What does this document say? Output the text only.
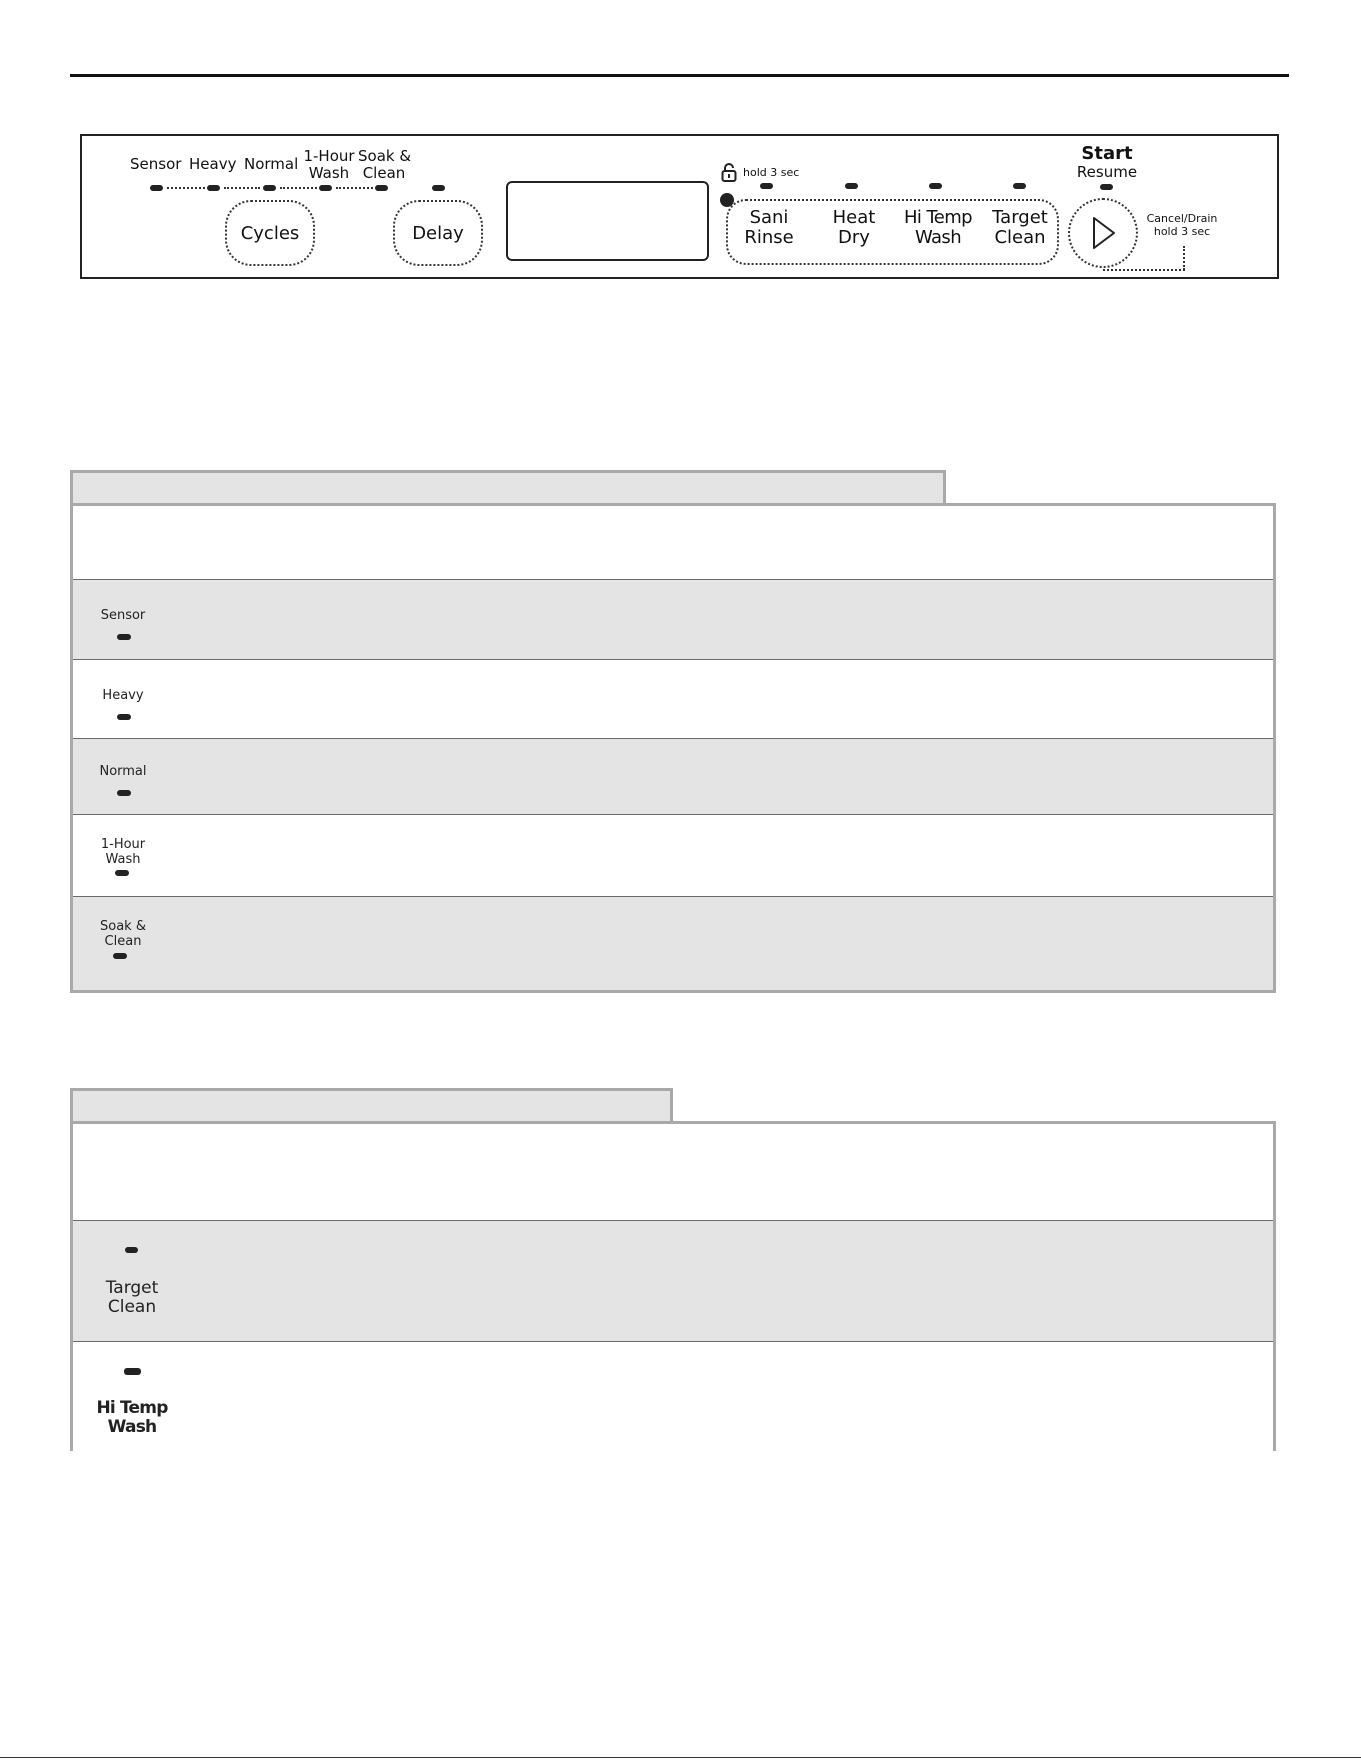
Sensor Heavy Normal 1-Hour
Wash
Soak &
Clean
Cycles	Delay
hold 3 sec
Sani
Rinse
Heat
Dry
Hi Temp
Wash
Target
Clean
Start
Resume
Cancel/Drain
hold 3 sec
Sensor
Heavy
Normal
1-Hour
Wash
Soak &
Clean
Target
Clean
Hi Temp
Wash
